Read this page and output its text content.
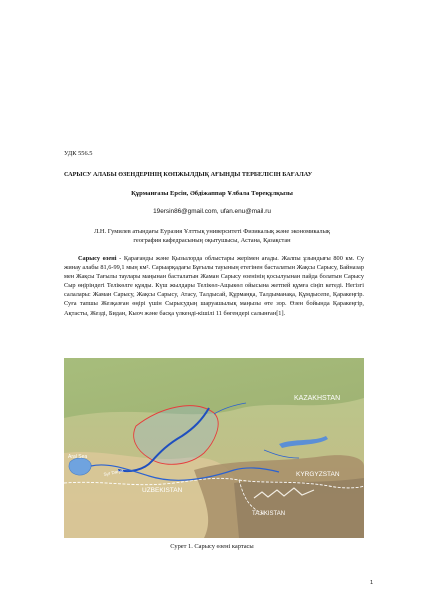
УДК 556.5
САРЫСУ АЛАБЫ ӨЗЕНДЕРІНІҢ КӨПЖЫЛДЫҚ АҒЫНДЫ ТЕРБЕЛІСІН БАҒАЛАУ
Құрманғазы Ерсін, Әбдіжаппар Ұлбала Төреқұлқызы
19ersin86@gmail.com, ufan.enu@mail.ru
Л.Н. Гумилев атындағы Еуразия Ұлттық университеті Физикалық және экономикалық география кафедрасының оқытушысы, Астана, Қазақстан
Сарысу өзені - Қарағанды және Қызылорда облыстары жерімен ағады. Жалпы ұзындығы 800 км. Су жинау алабы 81,6-99,1 мың км². Сарыарқадағы Бұғылы тауының етегінен басталатын Жақсы Сарысу, Байназар мен Жақсы Тағылы таулары маңынан басталатын Жаман Сарысу өзенінің қосылуынан пайда болатын Сарысу Сыр өңіріндегі Телікөлге құяды. Күш жылдары Телікөл-Ащыкөл ойысына жетпей құмға сіңіп кетеді. Негізгі салалары: Жаман Сарысу, Жақсы Сарысу, Атасу, Талдысай, Құрмаңқа, Талдыманақа, Құмдысепе, Қаракеңгір. Суға тапшы Жезқазған өңірі үшін Сырысудың шаруашылық маңызы өте зор. Өзен бойында Қаракеңгір, Ақтасты, Жезді, Бидан, Кыоч және басқа үлкенді-кішілі 11 бөгендері салынған[1].
KAZAKHSTAN
Aral Sea
Syr Darya	KYRGYZSTAN
UZBEKISTAN
TAJIKISTAN
Сурет 1. Сарысу өзені картасы
1
